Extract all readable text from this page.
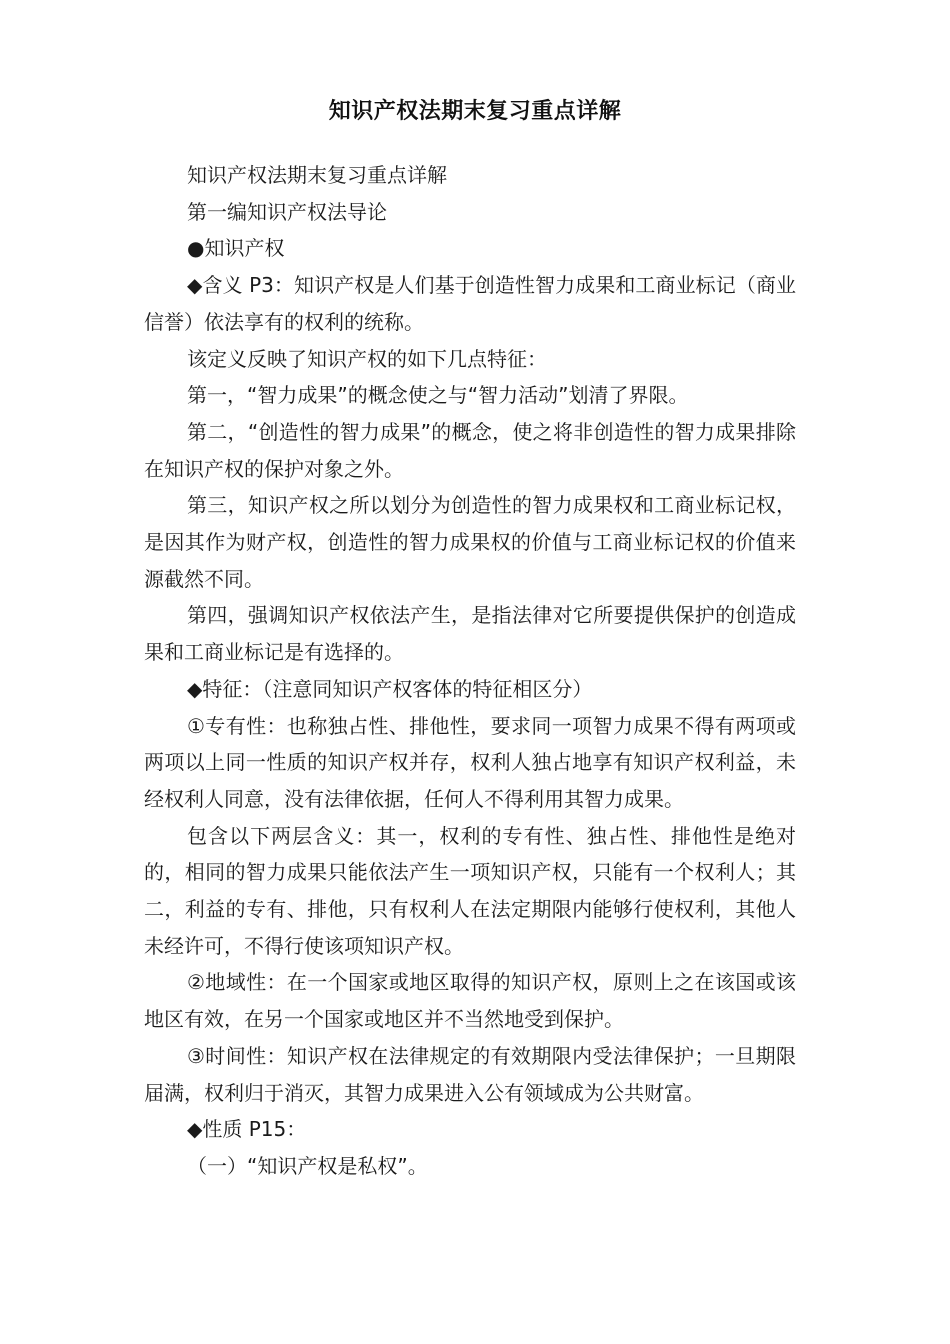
知识产权法期末复习重点详解

知识产权法期末复习重点详解

第一编知识产权法导论

●知识产权

◆含义 P3：知识产权是人们基于创造性智力成果和工商业标记（商业信誉）依法享有的权利的统称。

该定义反映了知识产权的如下几点特征：

第一，“智力成果”的概念使之与“智力活动”划清了界限。

第二，“创造性的智力成果”的概念，使之将非创造性的智力成果排除在知识产权的保护对象之外。

第三，知识产权之所以划分为创造性的智力成果权和工商业标记权，是因其作为财产权，创造性的智力成果权的价值与工商业标记权的价值来源截然不同。

第四，强调知识产权依法产生，是指法律对它所要提供保护的创造成果和工商业标记是有选择的。

◆特征：（注意同知识产权客体的特征相区分）

①专有性：也称独占性、排他性，要求同一项智力成果不得有两项或两项以上同一性质的知识产权并存，权利人独占地享有知识产权利益，未经权利人同意，没有法律依据，任何人不得利用其智力成果。

包含以下两层含义：其一，权利的专有性、独占性、排他性是绝对的，相同的智力成果只能依法产生一项知识产权，只能有一个权利人；其二，利益的专有、排他，只有权利人在法定期限内能够行使权利，其他人未经许可，不得行使该项知识产权。

②地域性：在一个国家或地区取得的知识产权，原则上之在该国或该地区有效，在另一个国家或地区并不当然地受到保护。

③时间性：知识产权在法律规定的有效期限内受法律保护；一旦期限届满，权利归于消灭，其智力成果进入公有领域成为公共财富。

◆性质 P15：

（一）“知识产权是私权”。
